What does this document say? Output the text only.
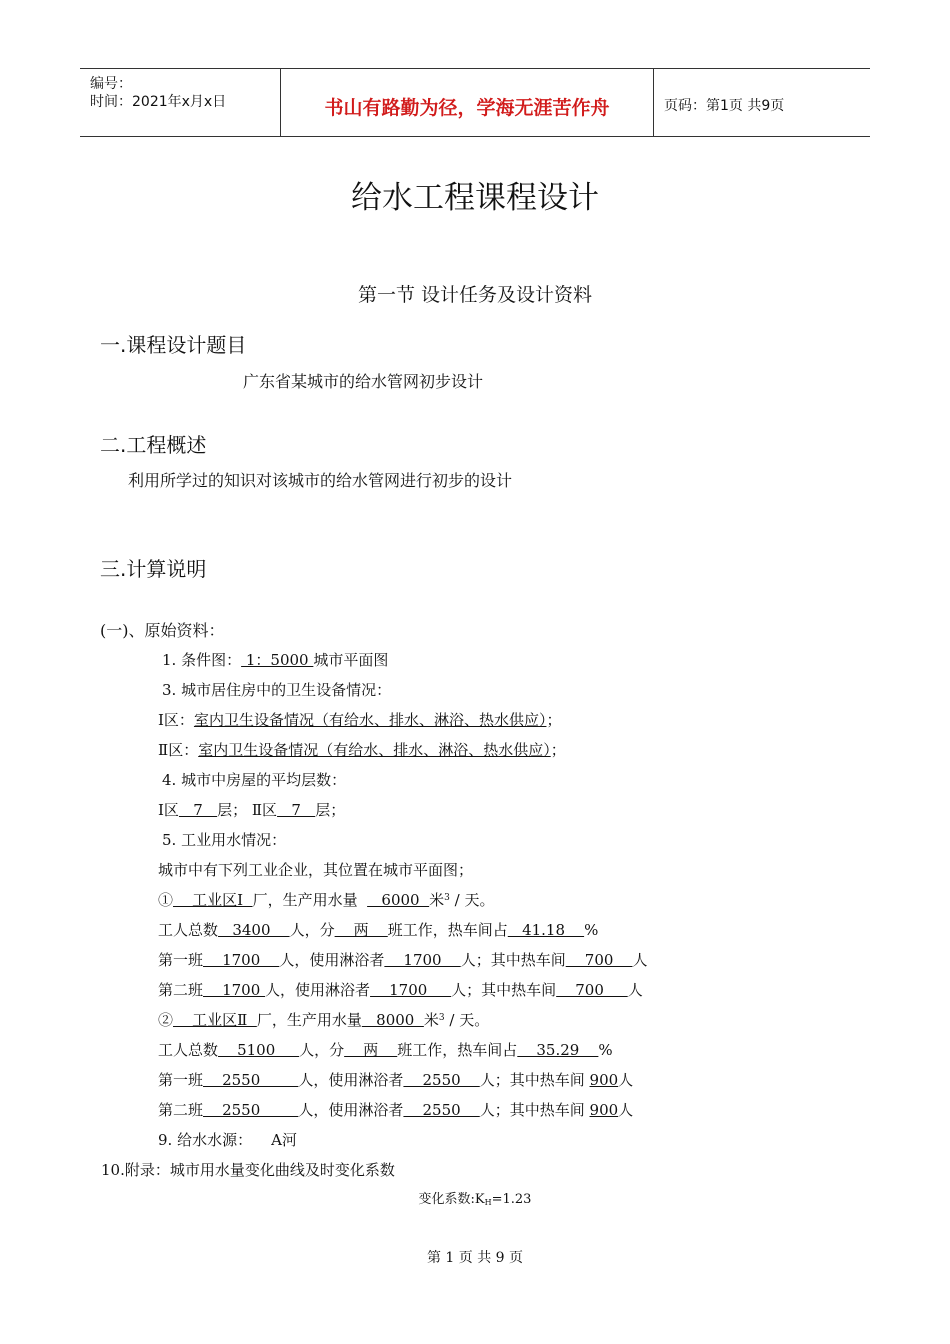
编号：
时间：2021年x月x日	书山有路勤为径，学海无涯苦作舟	页码：第1页 共9页
给水工程课程设计
第一节 设计任务及设计资料
一.课程设计题目
广东省某城市的给水管网初步设计
二.工程概述
利用所学过的知识对该城市的给水管网进行初步的设计
三.计算说明
(一)、原始资料：
1. 条件图： 1：5000 城市平面图
3. 城市居住房中的卫生设备情况：
Ⅰ区：室内卫生设备情况（有给水、排水、淋浴、热水供应）；
Ⅱ区：室内卫生设备情况（有给水、排水、淋浴、热水供应）；
4. 城市中房屋的平均层数：
Ⅰ区   7   层； Ⅱ区   7   层；
5. 工业用水情况：
城市中有下列工业企业，其位置在城市平面图；
①    工业区Ⅰ  厂，生产用水量     6000  米$^3$ / 天。
工人总数   3400    人，分    两    班工作，热车间占   41.18    %
第一班    1700    人，使用淋浴者    1700    人；其中热车间    700    人
第二班    1700 人，使用淋浴者    1700     人；其中热车间    700     人
②    工业区Ⅱ  厂，生产用水量   8000  米$^3$ / 天。
工人总数    5100     人，分    两    班工作，热车间占    35.29    %
第一班    2550        人，使用淋浴者    2550    人；其中热车间 900人
第二班    2550        人，使用淋浴者    2550    人；其中热车间 900人
9. 给水水源：    A河
10.附录：城市用水量变化曲线及时变化系数
变化系数$:K_H=1.23$
第 1 页 共 9 页
